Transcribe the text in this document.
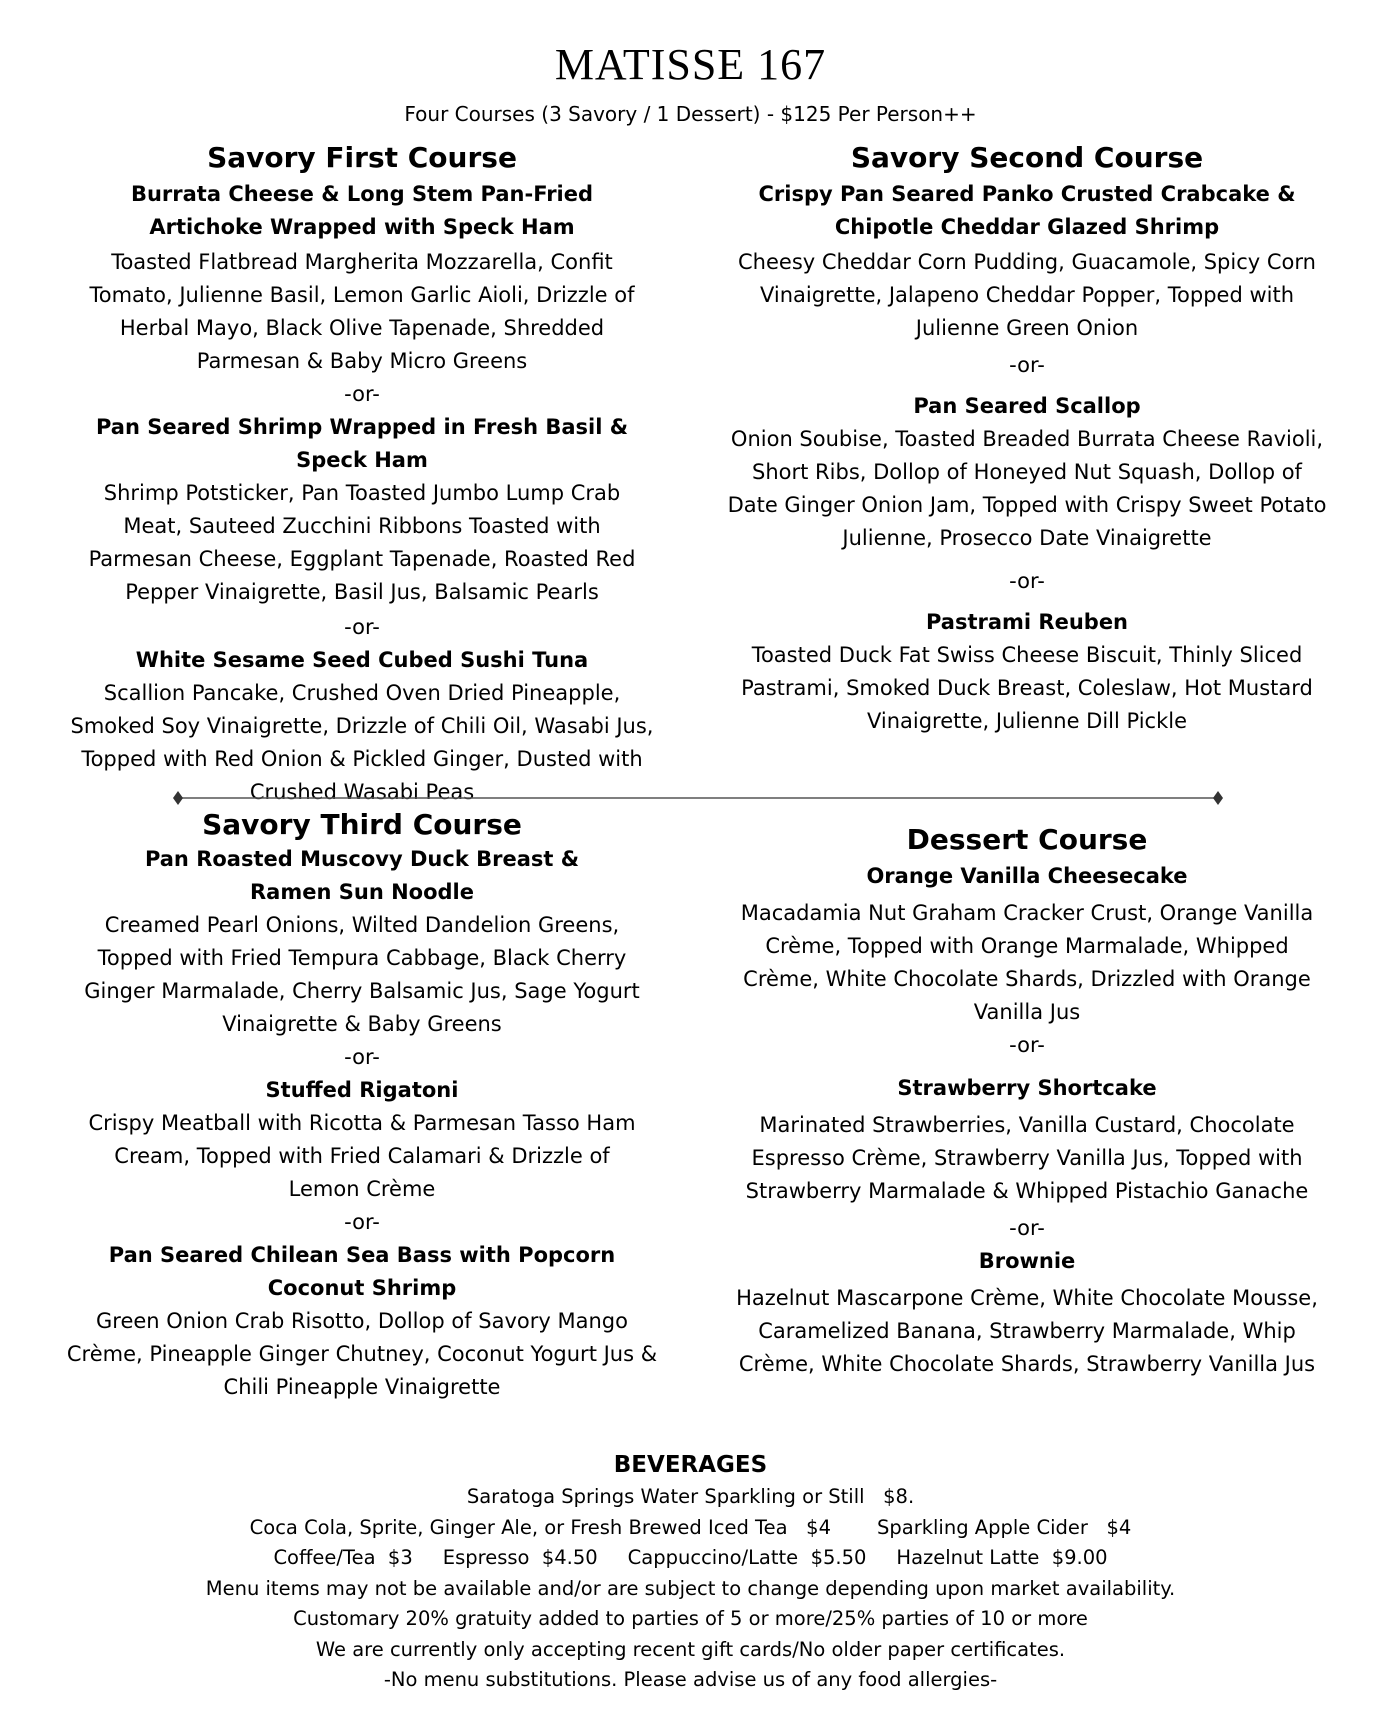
MATISSE 167
Four Courses (3 Savory / 1 Dessert) - $125 Per Person++
Savory First Course
Burrata Cheese & Long Stem Pan-Fried Artichoke Wrapped with Speck Ham
Toasted Flatbread Margherita Mozzarella, Confit Tomato, Julienne Basil, Lemon Garlic Aioli, Drizzle of Herbal Mayo, Black Olive Tapenade, Shredded Parmesan & Baby Micro Greens
-or-
Pan Seared Shrimp Wrapped in Fresh Basil & Speck Ham
Shrimp Potsticker, Pan Toasted Jumbo Lump Crab Meat, Sauteed Zucchini Ribbons Toasted with Parmesan Cheese, Eggplant Tapenade, Roasted Red Pepper Vinaigrette, Basil Jus, Balsamic Pearls
-or-
White Sesame Seed Cubed Sushi Tuna
Scallion Pancake, Crushed Oven Dried Pineapple, Smoked Soy Vinaigrette, Drizzle of Chili Oil, Wasabi Jus, Topped with Red Onion & Pickled Ginger, Dusted with Crushed Wasabi Peas
Savory Second Course
Crispy Pan Seared Panko Crusted Crabcake & Chipotle Cheddar Glazed Shrimp
Cheesy Cheddar Corn Pudding, Guacamole, Spicy Corn Vinaigrette, Jalapeno Cheddar Popper, Topped with Julienne Green Onion
-or-
Pan Seared Scallop
Onion Soubise, Toasted Breaded Burrata Cheese Ravioli, Short Ribs, Dollop of Honeyed Nut Squash, Dollop of Date Ginger Onion Jam, Topped with Crispy Sweet Potato Julienne, Prosecco Date Vinaigrette
-or-
Pastrami Reuben
Toasted Duck Fat Swiss Cheese Biscuit, Thinly Sliced Pastrami, Smoked Duck Breast, Coleslaw, Hot Mustard Vinaigrette, Julienne Dill Pickle
Savory Third Course
Pan Roasted Muscovy Duck Breast & Ramen Sun Noodle
Creamed Pearl Onions, Wilted Dandelion Greens, Topped with Fried Tempura Cabbage, Black Cherry Ginger Marmalade, Cherry Balsamic Jus, Sage Yogurt Vinaigrette & Baby Greens
-or-
Stuffed Rigatoni
Crispy Meatball with Ricotta & Parmesan Tasso Ham Cream, Topped with Fried Calamari & Drizzle of Lemon Crème
-or-
Pan Seared Chilean Sea Bass with Popcorn Coconut Shrimp
Green Onion Crab Risotto, Dollop of Savory Mango Crème, Pineapple Ginger Chutney, Coconut Yogurt Jus & Chili Pineapple Vinaigrette
Dessert Course
Orange Vanilla Cheesecake
Macadamia Nut Graham Cracker Crust, Orange Vanilla Crème, Topped with Orange Marmalade, Whipped Crème, White Chocolate Shards, Drizzled with Orange Vanilla Jus
-or-
Strawberry Shortcake
Marinated Strawberries, Vanilla Custard, Chocolate Espresso Crème, Strawberry Vanilla Jus, Topped with Strawberry Marmalade & Whipped Pistachio Ganache
-or-
Brownie
Hazelnut Mascarpone Crème, White Chocolate Mousse, Caramelized Banana, Strawberry Marmalade, Whip Crème, White Chocolate Shards, Strawberry Vanilla Jus
BEVERAGES
Saratoga Springs Water Sparkling or Still   $8.
Coca Cola, Sprite, Ginger Ale, or Fresh Brewed Iced Tea   $4 Sparkling Apple Cider   $4
Coffee/Tea  $3 Espresso  $4.50 Cappuccino/Latte  $5.50 Hazelnut Latte  $9.00
Menu items may not be available and/or are subject to change depending upon market availability.
Customary 20% gratuity added to parties of 5 or more/25% parties of 10 or more
We are currently only accepting recent gift cards/No older paper certificates.
-No menu substitutions. Please advise us of any food allergies-
